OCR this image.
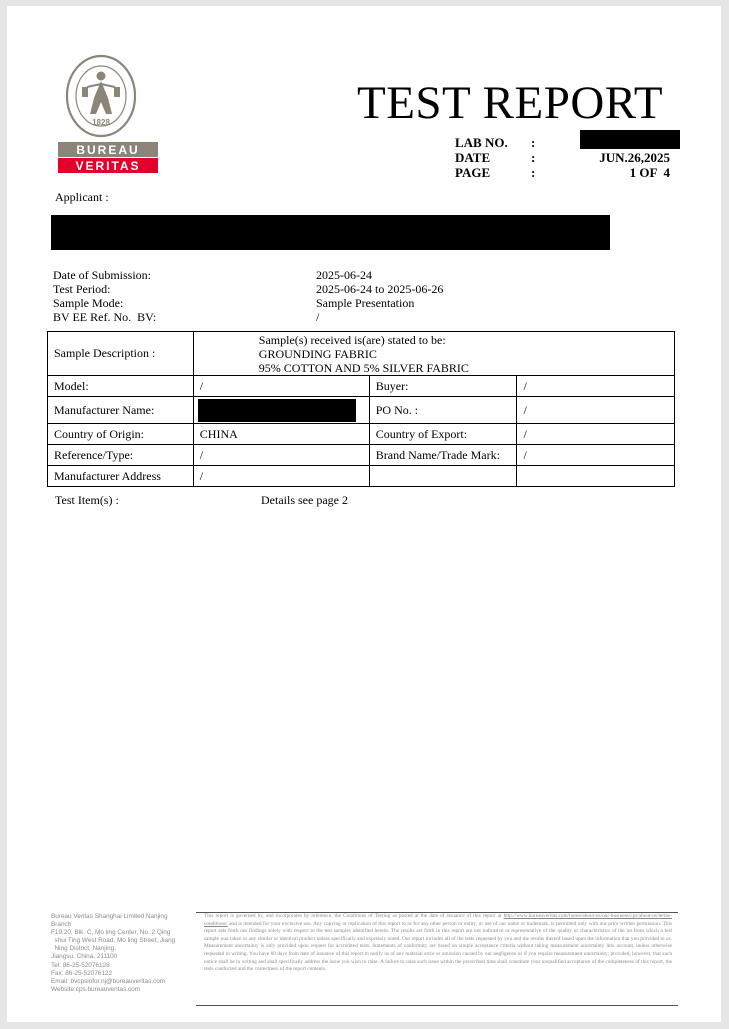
1828
BUREAU
VERITAS
TEST REPORT
LAB NO. :
DATE	:	JUN.26,2025
PAGE	:	1 OF  4
Applicant :
Date of Submission:	2025-06-24
Test Period:	2025-06-24 to 2025-06-26
Sample Mode:	Sample Presentation
BV EE Ref. No.  BV:	/
Sample Description :	Sample(s) received is(are) stated to be:
GROUNDING FABRIC
95% COTTON AND 5% SILVER FABRIC		

Model:	/	Buyer:	/
Manufacturer Name:		PO No. :	/
Country of Origin:	CHINA	Country of Export:	/
Reference/Type:	/	Brand Name/Trade Mark:	/
Manufacturer Address	/		
Test Item(s) :	Details see page 2
Bureau Veritas Shanghai Limited Nanjing
Branch
F19,20, Blk. C, Mo ling Center, No. 2 Qing
shui Ting West Road, Mo ling Street, Jiang
Ning District, Nanjing,
Jiangsu, China, 211100
Tel: 86-25-52076128
Fax: 86-25-52076122
Email: bvcpsinfor.nj@bureauveritas.com
Website:cps.bureauveritas.com
This report is governed by, and incorporates by reference, the Conditions of Testing as posted at the date of issuance of this report at http://www.bureauveritas.com/home/about-us/our-business/cps/about-us/terms-conditions/ and is intended for your exclusive use. Any copying or replication of this report to or for any other person or entity, or use of our name or trademark, is permitted only with our prior written permission. This report sets forth our findings solely with respect to the test samples identified herein. The results set forth in this report are not indicative or representative of the quality or characteristics of the lot from which a test sample was taken or any similar or identical product unless specifically and expressly noted. Our report includes all of the tests requested by you and the results thereof based upon the information that you provided to us. Measurement uncertainty is only provided upon request for accredited tests. Statements of conformity are based on simple acceptance criteria without taking measurement uncertainty into account, unless otherwise requested in writing. You have 60 days from date of issuance of this report to notify us of any material error or omission caused by our negligence or if you require measurement uncertainty; provided, however, that such notice shall be in writing and shall specifically address the issue you wish to raise. A failure to raise such issue within the prescribed time shall constitute your unqualified acceptance of the completeness of this report, the tests conducted and the correctness of the report contents.
